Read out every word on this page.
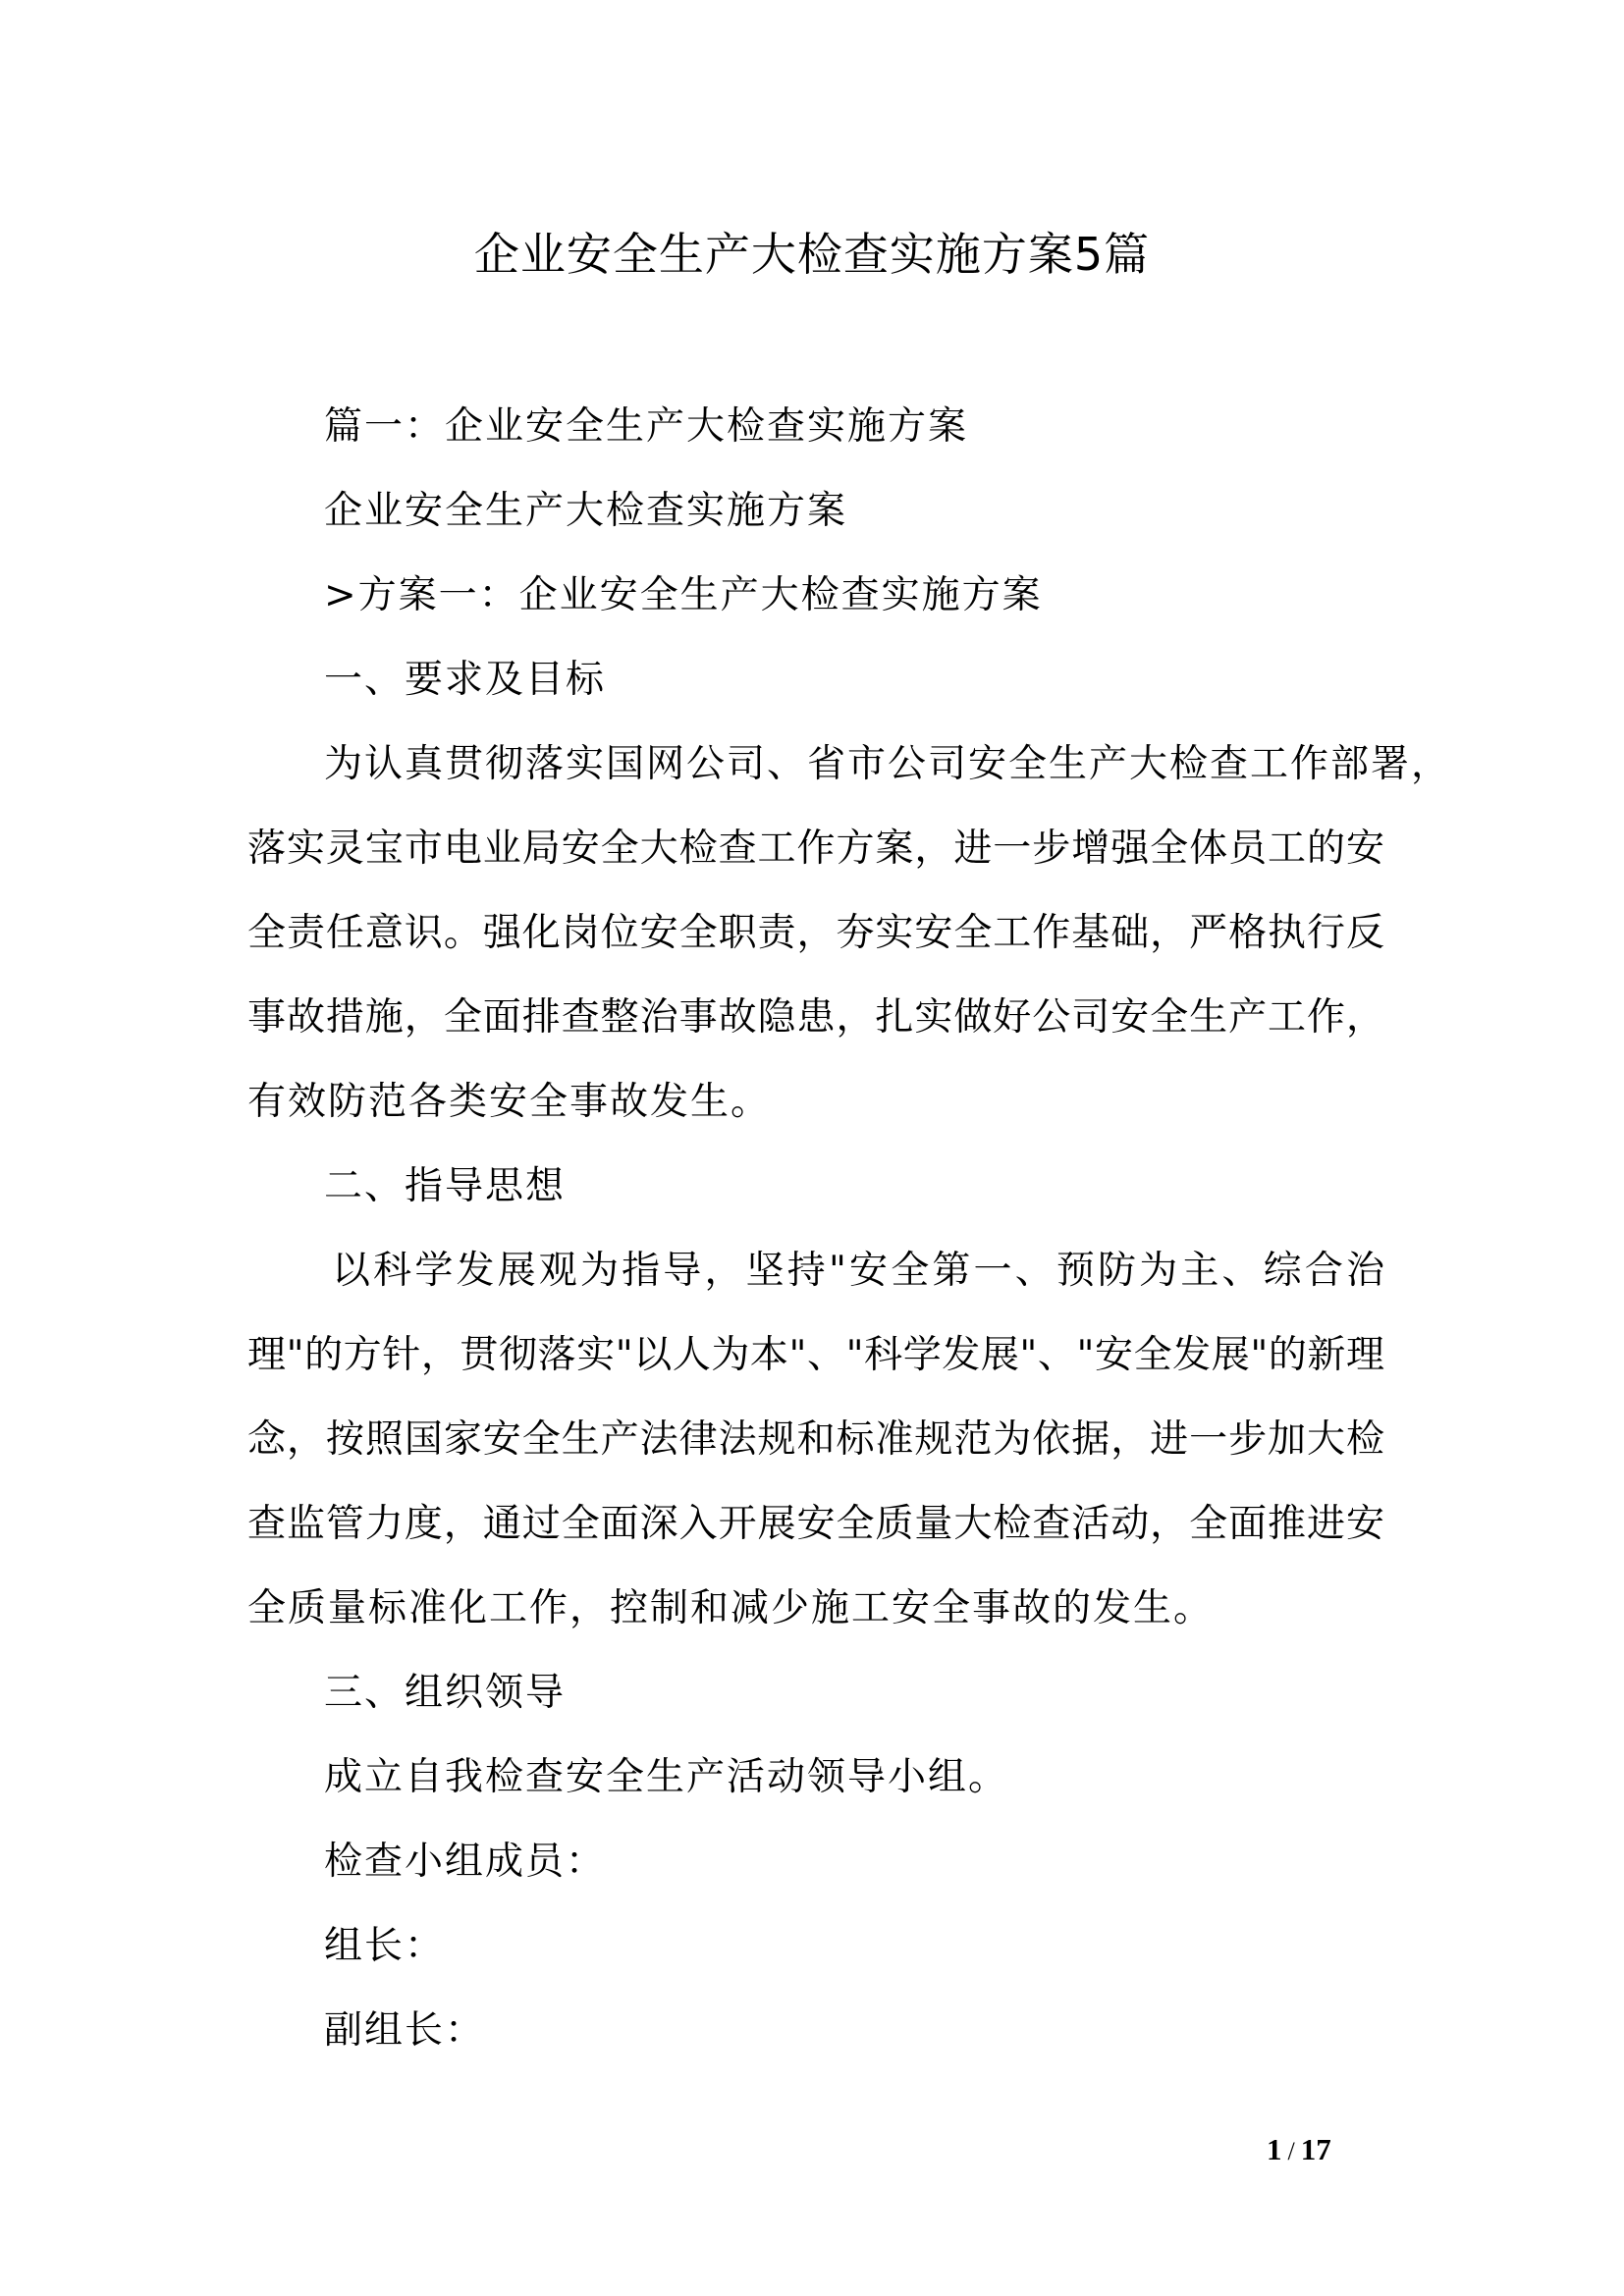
企业安全生产大检查实施方案5篇
篇一：企业安全生产大检查实施方案
企业安全生产大检查实施方案
>方案一：企业安全生产大检查实施方案
一、要求及目标
为认真贯彻落实国网公司、省市公司安全生产大检查工作部署，
落实灵宝市电业局安全大检查工作方案，进一步增强全体员工的安
全责任意识。强化岗位安全职责，夯实安全工作基础，严格执行反
事故措施，全面排查整治事故隐患，扎实做好公司安全生产工作，
有效防范各类安全事故发生。
二、指导思想
以科学发展观为指导，坚持"安全第一、预防为主、综合治
理"的方针，贯彻落实"以人为本"、"科学发展"、"安全发展"的新理
念，按照国家安全生产法律法规和标准规范为依据，进一步加大检
查监管力度，通过全面深入开展安全质量大检查活动，全面推进安
全质量标准化工作，控制和减少施工安全事故的发生。
三、组织领导
成立自我检查安全生产活动领导小组。
检查小组成员：
组长：
副组长：
1 / 17
